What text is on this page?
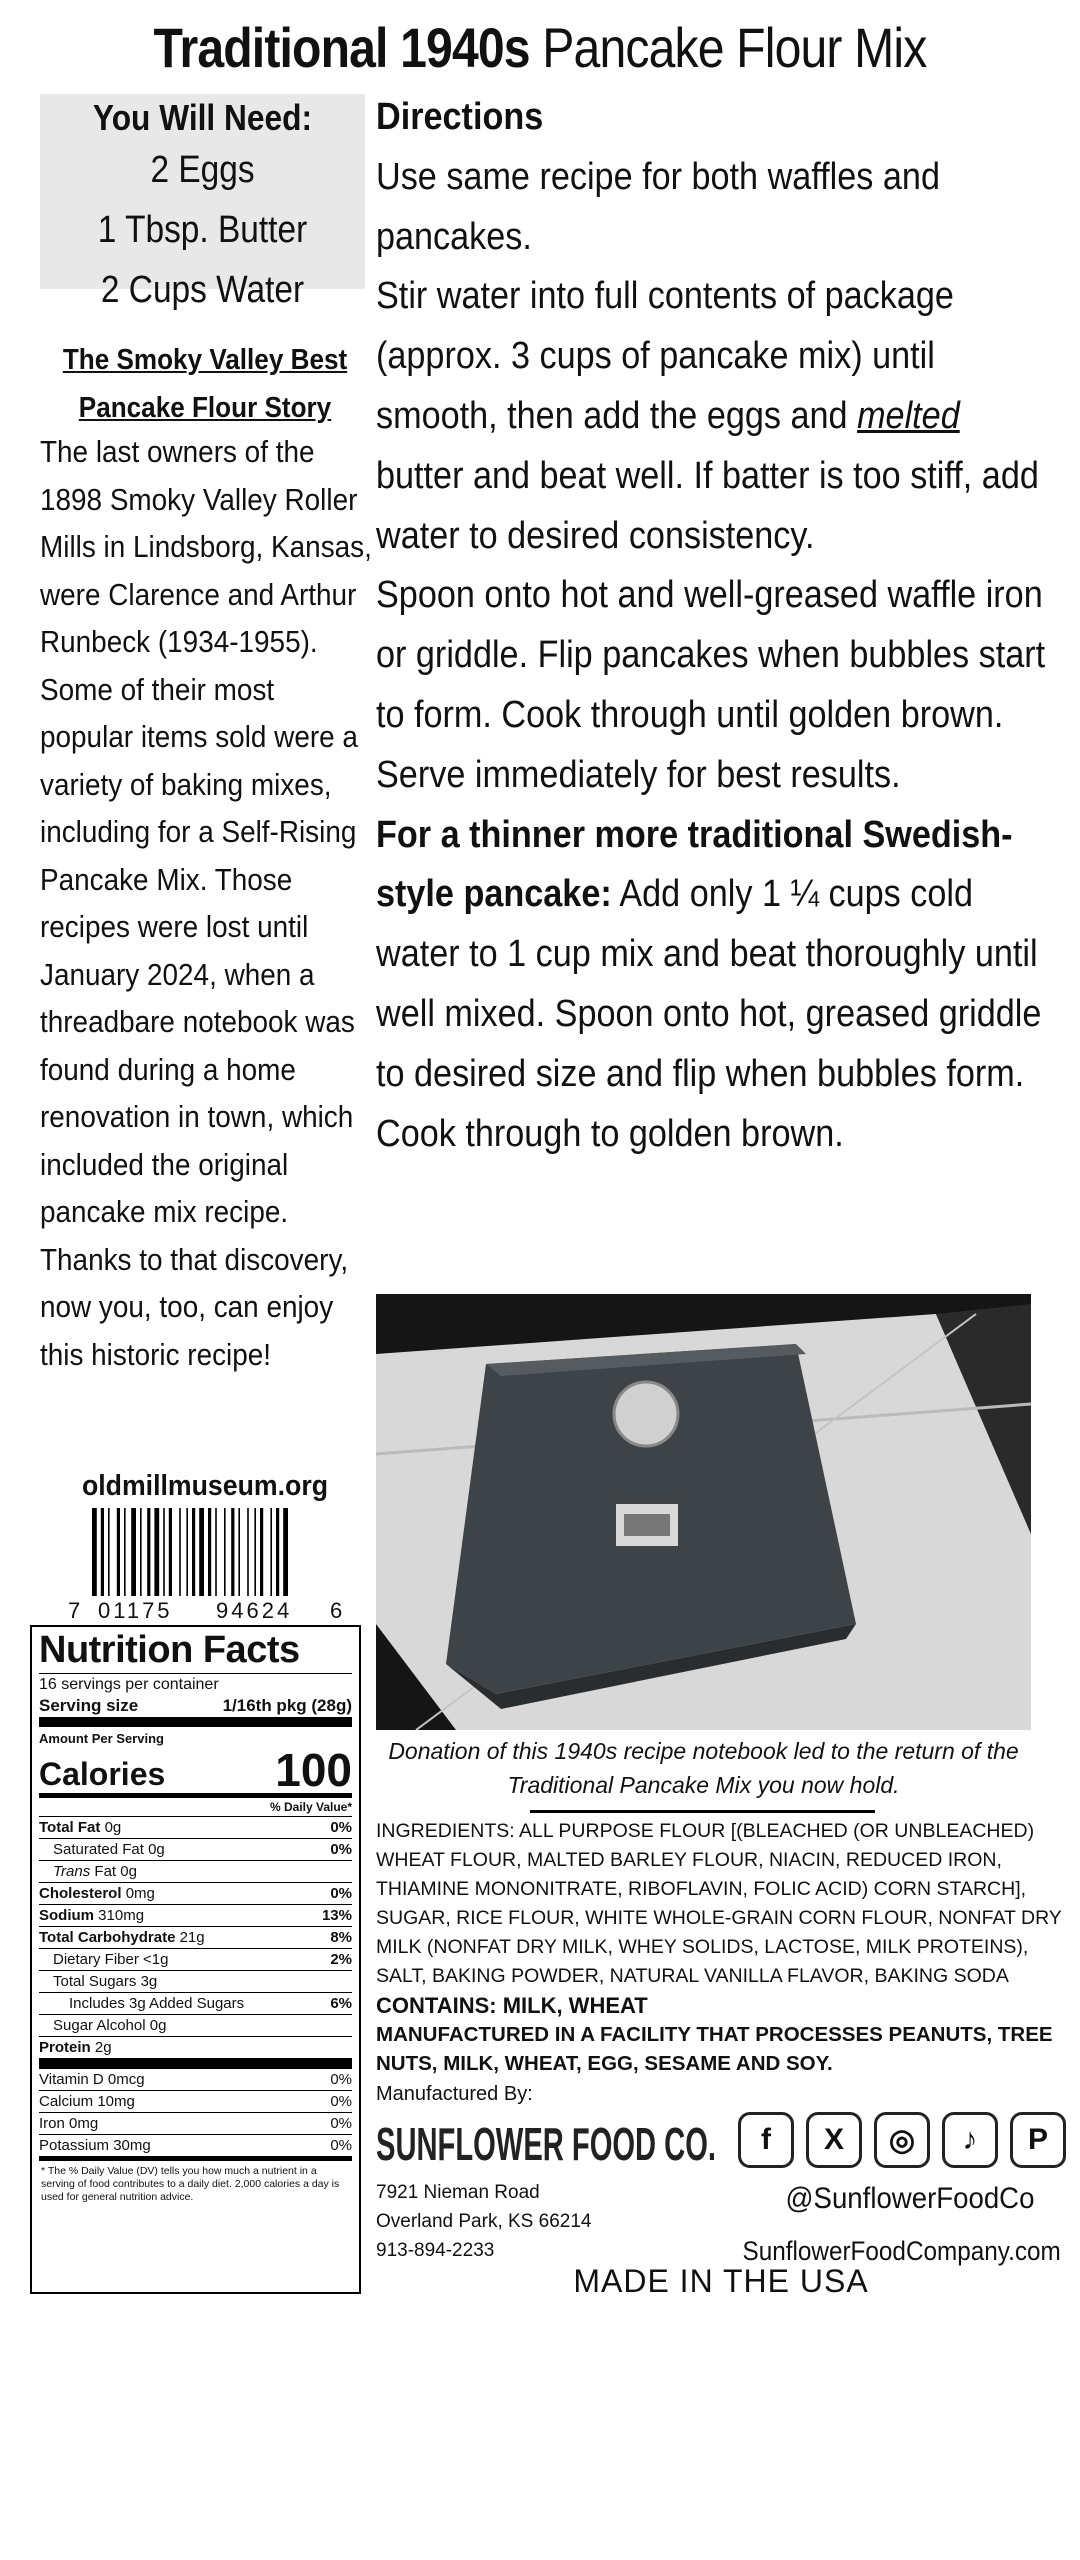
Traditional 1940s Pancake Flour Mix
You Will Need:
2 Eggs
1 Tbsp. Butter
2 Cups Water
The Smoky Valley Best
Pancake Flour Story

The last owners of the 1898 Smoky Valley Roller Mills in Lindsborg, Kansas, were Clarence and Arthur Runbeck (1934-1955). Some of their most popular items sold were a variety of baking mixes, including for a Self-Rising Pancake Mix. Those recipes were lost until January 2024, when a threadbare notebook was found during a home renovation in town, which included the original pancake mix recipe.

Thanks to that discovery, now you, too, can enjoy this historic recipe!

oldmillmuseum.org
7 01175 94624 6
Nutrition Facts
16 servings per container
Serving size	1/16th pkg (28g)
Amount Per Serving
Calories 100
% Daily Value*
Total Fat 0g	0%
Saturated Fat 0g	0%
Trans Fat 0g
Cholesterol 0mg	0%
Sodium 310mg	13%
Total Carbohydrate 21g	8%
Dietary Fiber <1g	2%
Total Sugars 3g
Includes 3g Added Sugars	6%
Sugar Alcohol 0g
Protein 2g
Vitamin D 0mcg	0%
Calcium 10mg	0%
Iron 0mg	0%
Potassium 30mg	0%
* The % Daily Value (DV) tells you how much a nutrient in a serving of food contributes to a daily diet. 2,000 calories a day is used for general nutrition advice.

Directions

Use same recipe for both waffles and pancakes.

Stir water into full contents of package (approx. 3 cups of pancake mix) until smooth, then add the eggs and melted butter and beat well. If batter is too stiff, add water to desired consistency.

Spoon onto hot and well-greased waffle iron or griddle. Flip pancakes when bubbles start to form. Cook through until golden brown. Serve immediately for best results.

For a thinner more traditional Swedish-style pancake: Add only 1 ¼ cups cold water to 1 cup mix and beat thoroughly until well mixed. Spoon onto hot, greased griddle to desired size and flip when bubbles form. Cook through to golden brown.

Donation of this 1940s recipe notebook led to the return of the Traditional Pancake Mix you now hold.

INGREDIENTS: ALL PURPOSE FLOUR [(BLEACHED (OR UNBLEACHED) WHEAT FLOUR, MALTED BARLEY FLOUR, NIACIN, REDUCED IRON, THIAMINE MONONITRATE, RIBOFLAVIN, FOLIC ACID) CORN STARCH], SUGAR, RICE FLOUR, WHITE WHOLE-GRAIN CORN FLOUR, NONFAT DRY MILK (NONFAT DRY MILK, WHEY SOLIDS, LACTOSE, MILK PROTEINS), SALT, BAKING POWDER, NATURAL VANILLA FLAVOR, BAKING SODA

CONTAINS: MILK, WHEAT

MANUFACTURED IN A FACILITY THAT PROCESSES PEANUTS, TREE NUTS, MILK, WHEAT, EGG, SESAME AND SOY.

Manufactured By:
SUNFLOWER FOOD CO.
7921 Nieman Road
Overland Park, KS 66214
913-894-2233
f	X	◎	♪	P
@SunflowerFoodCo
SunflowerFoodCompany.com
MADE IN THE USA
